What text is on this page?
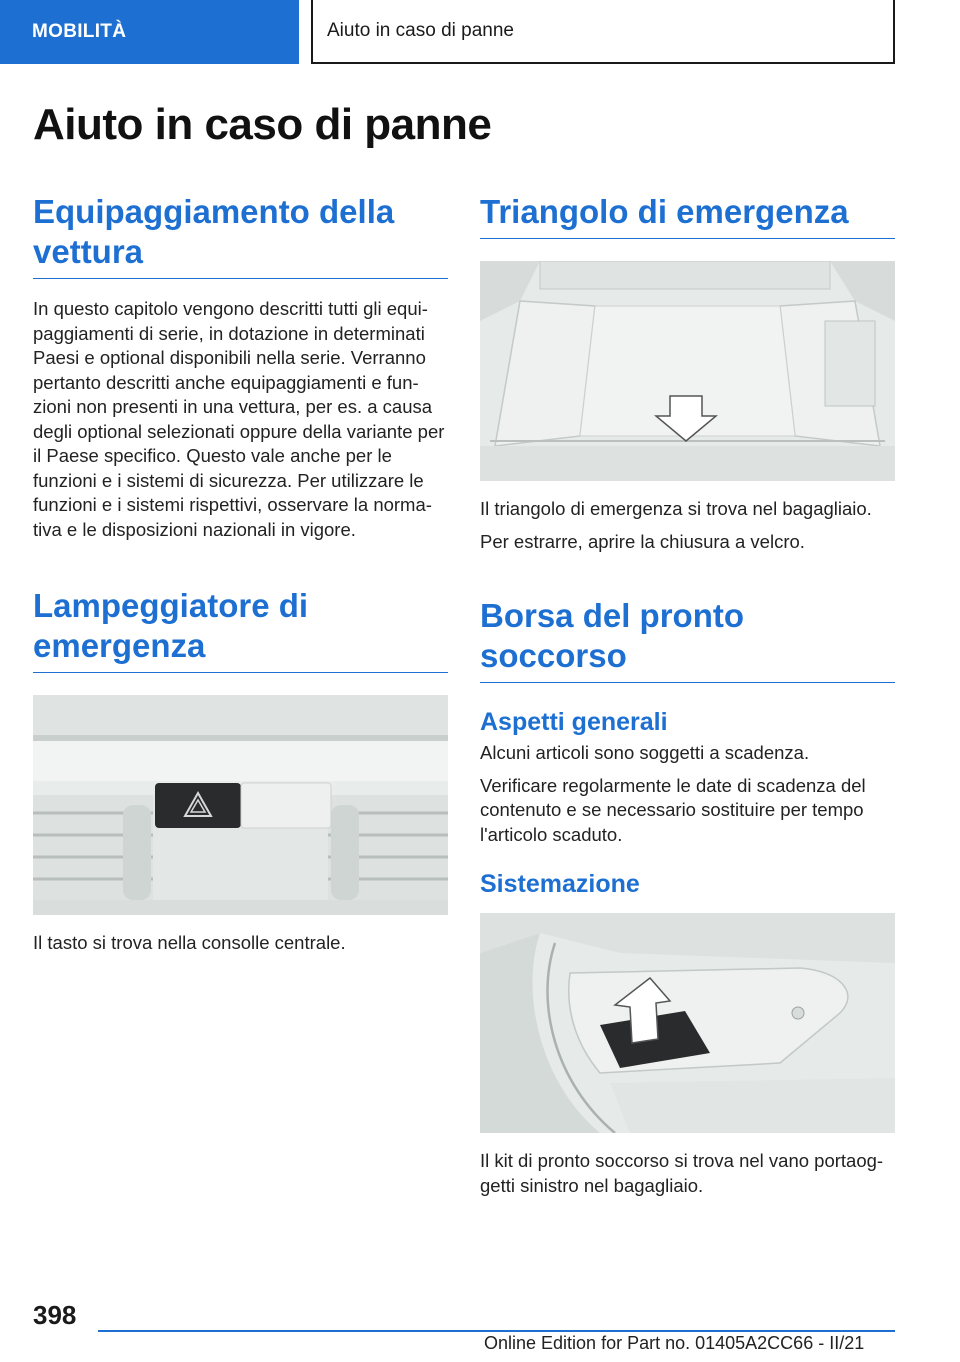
MOBILITÀ	Aiuto in caso di panne
Aiuto in caso di panne
Equipaggiamento della vettura

In questo capitolo vengono descritti tutti gli equi-paggiamenti di serie, in dotazione in determinati Paesi e optional disponibili nella serie. Verranno pertanto descritti anche equipaggiamenti e fun-zioni non presenti in una vettura, per es. a causa degli optional selezionati oppure della variante per il Paese specifico. Questo vale anche per le funzioni e i sistemi di sicurezza. Per utilizzare le funzioni e i sistemi rispettivi, osservare la norma-tiva e le disposizioni nazionali in vigore.

Lampeggiatore di emergenza

Il tasto si trova nella consolle centrale.

Triangolo di emergenza

Il triangolo di emergenza si trova nel bagagliaio.

Per estrarre, aprire la chiusura a velcro.

Borsa del pronto soccorso
Aspetti generali

Alcuni articoli sono soggetti a scadenza.

Verificare regolarmente le date di scadenza del contenuto e se necessario sostituire per tempo l'articolo scaduto.

Sistemazione

Il kit di pronto soccorso si trova nel vano portaog-getti sinistro nel bagagliaio.

398
Online Edition for Part no. 01405A2CC66 - II/21
